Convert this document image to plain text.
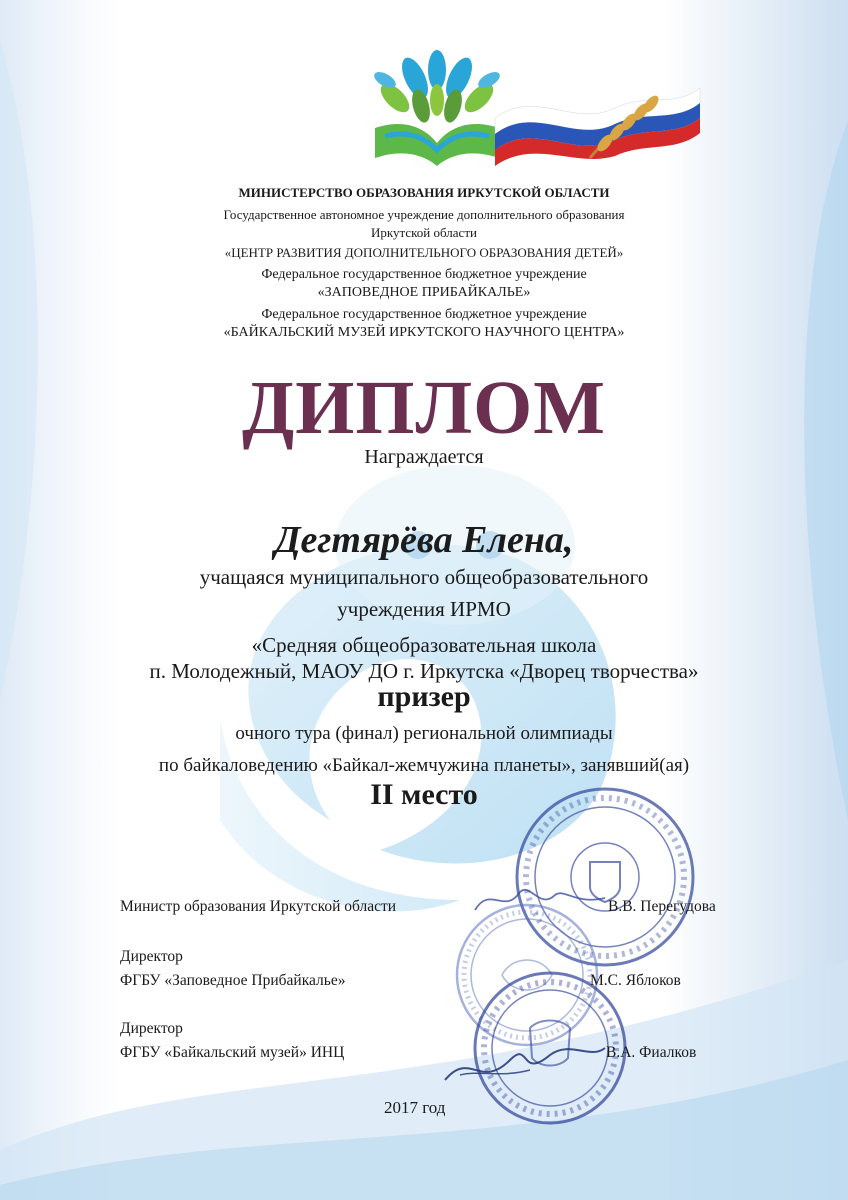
МИНИСТЕРСТВО ОБРАЗОВАНИЯ ИРКУТСКОЙ ОБЛАСТИ
Государственное автономное учреждение дополнительного образования
Иркутской области
«ЦЕНТР РАЗВИТИЯ ДОПОЛНИТЕЛЬНОГО ОБРАЗОВАНИЯ ДЕТЕЙ»
Федеральное государственное бюджетное учреждение
«ЗАПОВЕДНОЕ ПРИБАЙКАЛЬЕ»
Федеральное государственное бюджетное учреждение
«БАЙКАЛЬСКИЙ МУЗЕЙ ИРКУТСКОГО НАУЧНОГО ЦЕНТРА»
ДИПЛОМ
Награждается
Дегтярёва Елена,
учащаяся муниципального общеобразовательного
учреждения ИРМО
«Средняя общеобразовательная школа
п. Молодежный, МАОУ ДО г. Иркутска «Дворец творчества»
призер
очного тура (финал) региональной олимпиады
по байкаловедению «Байкал-жемчужина планеты», занявший(ая)
II место
Министр образования Иркутской области	В.В. Перегудова
Директор
ФГБУ «Заповедное Прибайкалье»	М.С. Яблоков
Директор
ФГБУ «Байкальский музей» ИНЦ	В.А. Фиалков
2017 год
